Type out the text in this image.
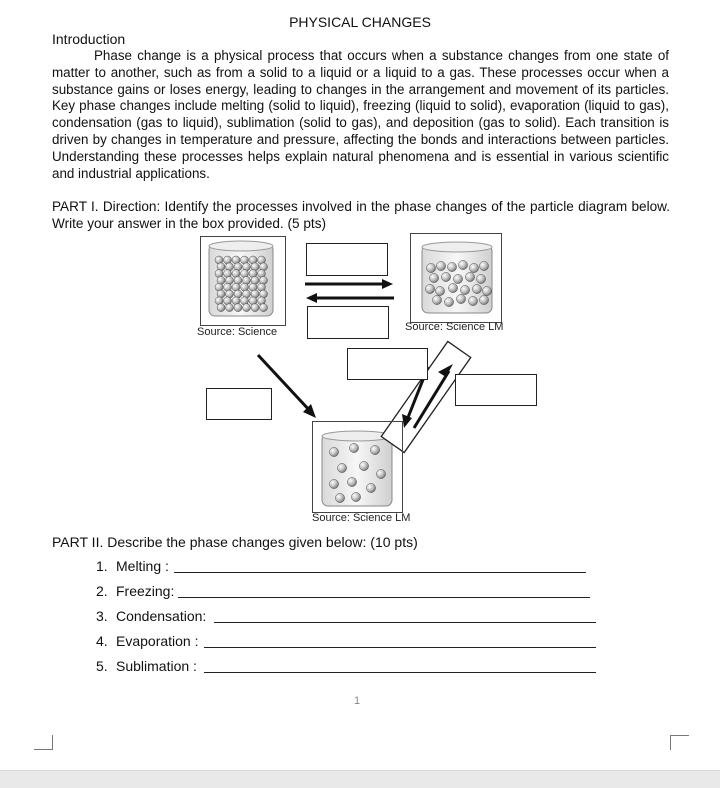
PHYSICAL CHANGES
Introduction

Phase change is a physical process that occurs when a substance changes from one state of matter to another, such as from a solid to a liquid or a liquid to a gas. These processes occur when a substance gains or loses energy, leading to changes in the arrangement and movement of its particles. Key phase changes include melting (solid to liquid), freezing (liquid to solid), evaporation (liquid to gas), condensation (gas to liquid), sublimation (solid to gas), and deposition (gas to solid). Each transition is driven by changes in temperature and pressure, affecting the bonds and interactions between particles. Understanding these processes helps explain natural phenomena and is essential in various scientific and industrial applications.

PART I. Direction: Identify the processes involved in the phase changes of the particle diagram below. Write your answer in the box provided. (5 pts)
Source: Science	Source: Science LM
Source: Science LM
PART II. Describe the phase changes given below: (10 pts)
1. Melting :
2. Freezing:
3. Condensation:
4. Evaporation :
5. Sublimation :
1
